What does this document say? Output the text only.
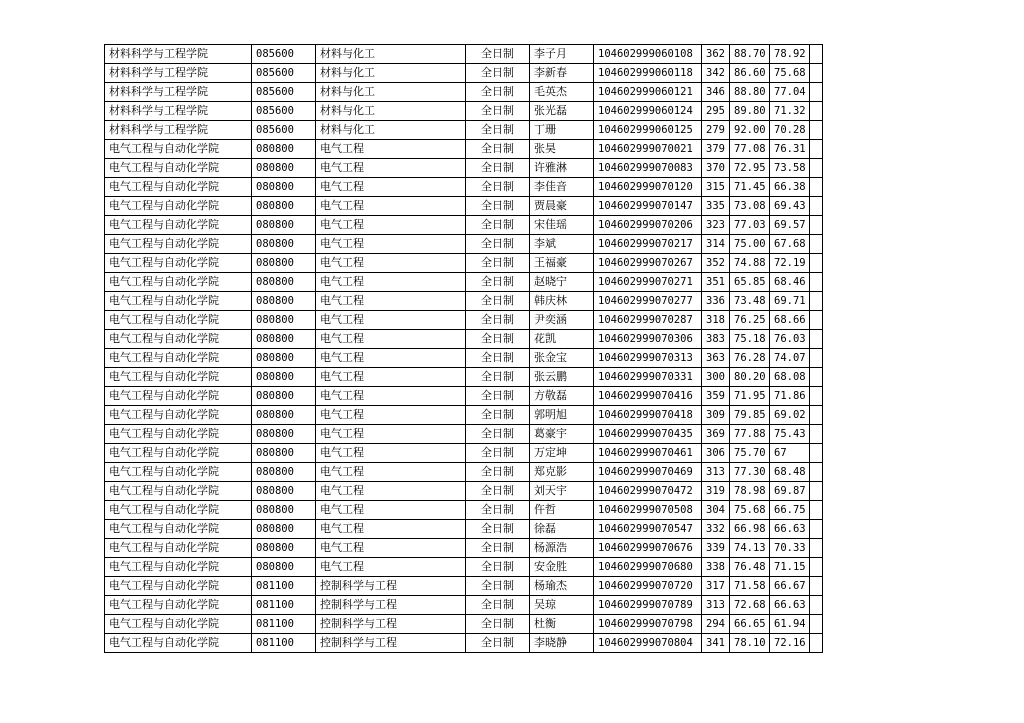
材料科学与工程学院	085600	材料与化工	全日制	李子月	104602999060108	362	88.70	78.92	
材料科学与工程学院	085600	材料与化工	全日制	李新春	104602999060118	342	86.60	75.68	
材料科学与工程学院	085600	材料与化工	全日制	毛英杰	104602999060121	346	88.80	77.04	
材料科学与工程学院	085600	材料与化工	全日制	张光磊	104602999060124	295	89.80	71.32	
材料科学与工程学院	085600	材料与化工	全日制	丁珊	104602999060125	279	92.00	70.28	
电气工程与自动化学院	080800	电气工程	全日制	张昊	104602999070021	379	77.08	76.31	
电气工程与自动化学院	080800	电气工程	全日制	许雅淋	104602999070083	370	72.95	73.58	
电气工程与自动化学院	080800	电气工程	全日制	李佳音	104602999070120	315	71.45	66.38	
电气工程与自动化学院	080800	电气工程	全日制	贾晨豪	104602999070147	335	73.08	69.43	
电气工程与自动化学院	080800	电气工程	全日制	宋佳瑶	104602999070206	323	77.03	69.57	
电气工程与自动化学院	080800	电气工程	全日制	李斌	104602999070217	314	75.00	67.68	
电气工程与自动化学院	080800	电气工程	全日制	王福豪	104602999070267	352	74.88	72.19	
电气工程与自动化学院	080800	电气工程	全日制	赵晓宁	104602999070271	351	65.85	68.46	
电气工程与自动化学院	080800	电气工程	全日制	韩庆林	104602999070277	336	73.48	69.71	
电气工程与自动化学院	080800	电气工程	全日制	尹奕涵	104602999070287	318	76.25	68.66	
电气工程与自动化学院	080800	电气工程	全日制	花凯	104602999070306	383	75.18	76.03	
电气工程与自动化学院	080800	电气工程	全日制	张金宝	104602999070313	363	76.28	74.07	
电气工程与自动化学院	080800	电气工程	全日制	张云鹏	104602999070331	300	80.20	68.08	
电气工程与自动化学院	080800	电气工程	全日制	方敬磊	104602999070416	359	71.95	71.86	
电气工程与自动化学院	080800	电气工程	全日制	郭明旭	104602999070418	309	79.85	69.02	
电气工程与自动化学院	080800	电气工程	全日制	葛豪宇	104602999070435	369	77.88	75.43	
电气工程与自动化学院	080800	电气工程	全日制	万定坤	104602999070461	306	75.70	67	
电气工程与自动化学院	080800	电气工程	全日制	郑克影	104602999070469	313	77.30	68.48	
电气工程与自动化学院	080800	电气工程	全日制	刘天宇	104602999070472	319	78.98	69.87	
电气工程与自动化学院	080800	电气工程	全日制	仵哲	104602999070508	304	75.68	66.75	
电气工程与自动化学院	080800	电气工程	全日制	徐磊	104602999070547	332	66.98	66.63	
电气工程与自动化学院	080800	电气工程	全日制	杨源浩	104602999070676	339	74.13	70.33	
电气工程与自动化学院	080800	电气工程	全日制	安金胜	104602999070680	338	76.48	71.15	
电气工程与自动化学院	081100	控制科学与工程	全日制	杨瑜杰	104602999070720	317	71.58	66.67	
电气工程与自动化学院	081100	控制科学与工程	全日制	吴琼	104602999070789	313	72.68	66.63	
电气工程与自动化学院	081100	控制科学与工程	全日制	杜衡	104602999070798	294	66.65	61.94	
电气工程与自动化学院	081100	控制科学与工程	全日制	李晓静	104602999070804	341	78.10	72.16	
